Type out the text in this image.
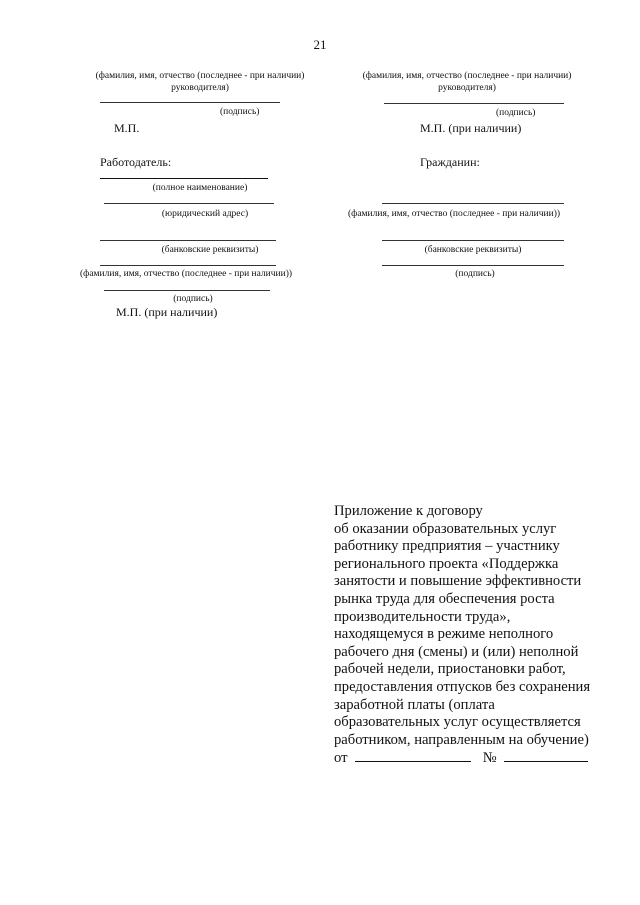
21
(фамилия, имя, отчество (последнее - при наличии)
руководителя)
(подпись)
М.П.
(фамилия, имя, отчество (последнее - при наличии)
руководителя)
(подпись)
М.П. (при наличии)
Работодатель:
(полное наименование)
(юридический адрес)
(банковские реквизиты)
(фамилия, имя, отчество (последнее - при наличии))
(подпись)
М.П. (при наличии)
Гражданин:
(фамилия, имя, отчество (последнее - при наличии))
(банковские реквизиты)
(подпись)
Приложение к договору
об оказании образовательных услуг
работнику предприятия – участнику
регионального проекта «Поддержка
занятости и повышение эффективности
рынка труда для обеспечения роста
производительности труда»,
находящемуся в режиме неполного
рабочего дня (смены) и (или) неполной
рабочей недели, приостановки работ,
предоставления отпусков без сохранения
заработной платы (оплата
образовательных услуг осуществляется
работником, направленным на обучение)
от	№
